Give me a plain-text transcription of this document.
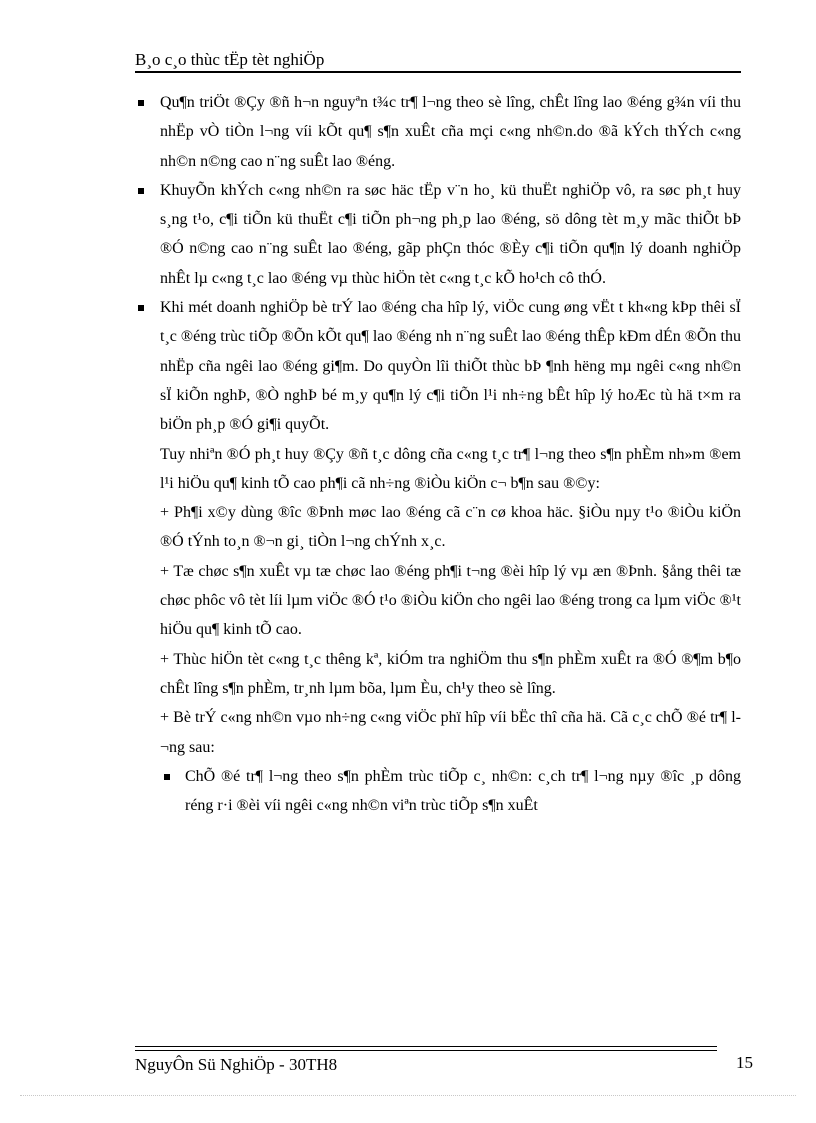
B¸o c¸o thùc tËp tèt nghiÖp
Qu¶n triÖt ®Çy ®ñ h¬n nguyªn t¾c tr¶ l¬ng theo sè lîng, chÊt lîng lao ®éng g¾n víi thu nhËp vÒ tiÒn l¬ng víi kÕt qu¶ s¶n xuÊt cña mçi c«ng nh©n.do ®ã kÝch thÝch c«ng nh©n n©ng cao n¨ng suÊt lao ®éng.
KhuyÕn khÝch c«ng nh©n ra søc häc tËp v¨n ho¸ kü thuËt nghiÖp vô, ra søc ph¸t huy s¸ng t¹o, c¶i tiÕn kü thuËt c¶i tiÕn ph¬ng ph¸p lao ®éng, sö dông tèt m¸y mãc thiÕt bÞ ®Ó n©ng cao n¨ng suÊt lao ®éng, gãp phÇn thóc ®Èy c¶i tiÕn qu¶n lý doanh nghiÖp nhÊt lµ c«ng t¸c lao ®éng vµ thùc hiÖn tèt c«ng t¸c kÕ ho¹ch cô thÓ.
Khi mét doanh nghiÖp bè trÝ lao ®éng cha hîp lý, viÖc cung øng vËt t kh«ng kÞp thêi sÏ t¸c ®éng trùc tiÕp ®Õn kÕt qu¶ lao ®éng nh n¨ng suÊt lao ®éng thÊp kÐm dÉn ®Õn thu nhËp cña ngêi lao ®éng gi¶m. Do quyÒn lîi thiÕt thùc bÞ ¶nh hëng mµ ngêi c«ng nh©n sÏ kiÕn nghÞ, ®Ò nghÞ bé m¸y qu¶n lý c¶i tiÕn l¹i nh÷ng bÊt hîp lý hoÆc tù hä t×m ra biÖn ph¸p ®Ó gi¶i quyÕt.
Tuy nhiªn ®Ó ph¸t huy ®Çy ®ñ t¸c dông cña c«ng t¸c tr¶ l¬ng theo s¶n phÈm nh»m ®em l¹i hiÖu qu¶ kinh tÕ cao ph¶i cã nh÷ng ®iÒu kiÖn c¬ b¶n sau ®©y:
+ Ph¶i x©y dùng ®îc ®Þnh møc lao ®éng cã c¨n cø khoa häc. §iÒu nµy t¹o ®iÒu kiÖn ®Ó tÝnh to¸n ®¬n gi¸ tiÒn l¬ng chÝnh x¸c.
+ Tæ chøc s¶n xuÊt vµ tæ chøc lao ®éng ph¶i t¬ng ®èi hîp lý vµ æn ®Þnh. §ång thêi tæ chøc phôc vô tèt líi lµm viÖc ®Ó t¹o ®iÒu kiÖn cho ngêi lao ®éng trong ca lµm viÖc ®¹t hiÖu qu¶ kinh tÕ cao.
+ Thùc hiÖn tèt c«ng t¸c thêng kª, kiÓm tra nghiÖm thu s¶n phÈm xuÊt ra ®Ó ®¶m b¶o chÊt lîng s¶n phÈm, tr¸nh lµm bõa, lµm Èu, ch¹y theo sè lîng.
+ Bè trÝ c«ng nh©n vµo nh÷ng c«ng viÖc phï hîp víi bËc thî cña hä. Cã c¸c chÕ ®é tr¶ l¬ng sau:
ChÕ ®é tr¶ l¬ng theo s¶n phÈm trùc tiÕp c¸ nh©n: c¸ch tr¶ l¬ng nµy ®îc ¸p dông réng r·i ®èi víi ngêi c«ng nh©n viªn trùc tiÕp s¶n xuÊt
NguyÔn Sü NghiÖp - 30TH8	15
